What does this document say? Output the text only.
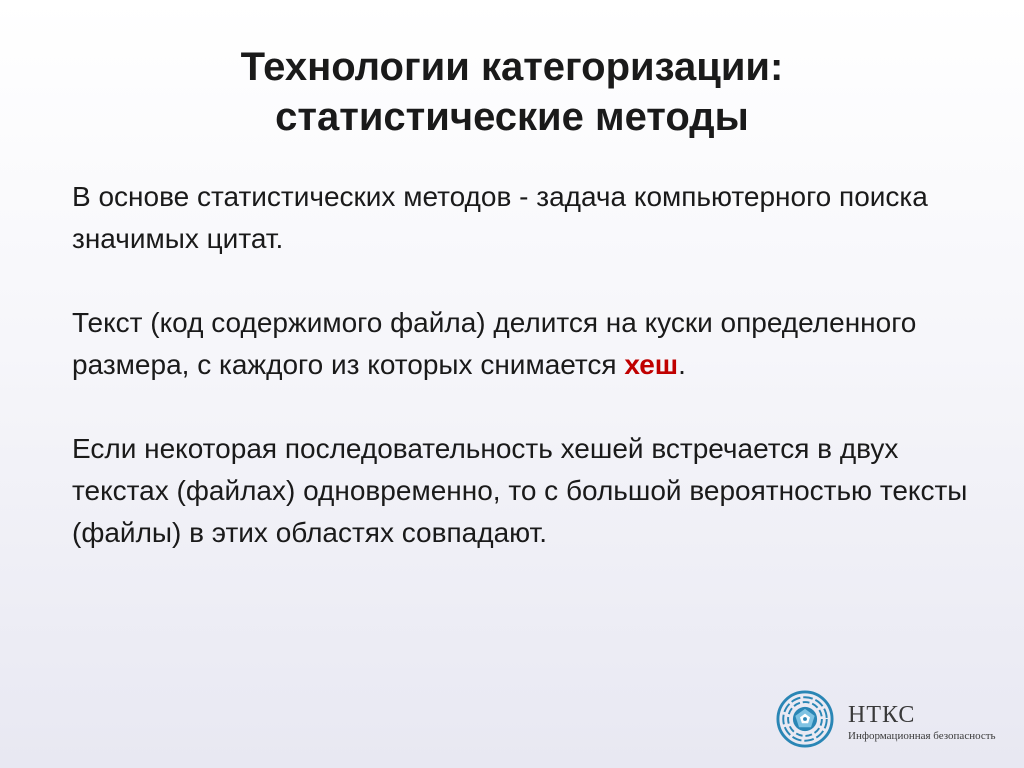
Технологии категоризации:
статистические методы

В основе статистических методов - задача компьютерного поиска значимых цитат.

Текст (код содержимого файла) делится на куски определенного размера, с каждого из которых снимается хеш.

Если некоторая последовательность хешей встречается в двух текстах (файлах) одновременно, то с большой вероятностью тексты (файлы) в этих областях совпадают.

НТКС
Информационная безопасность
